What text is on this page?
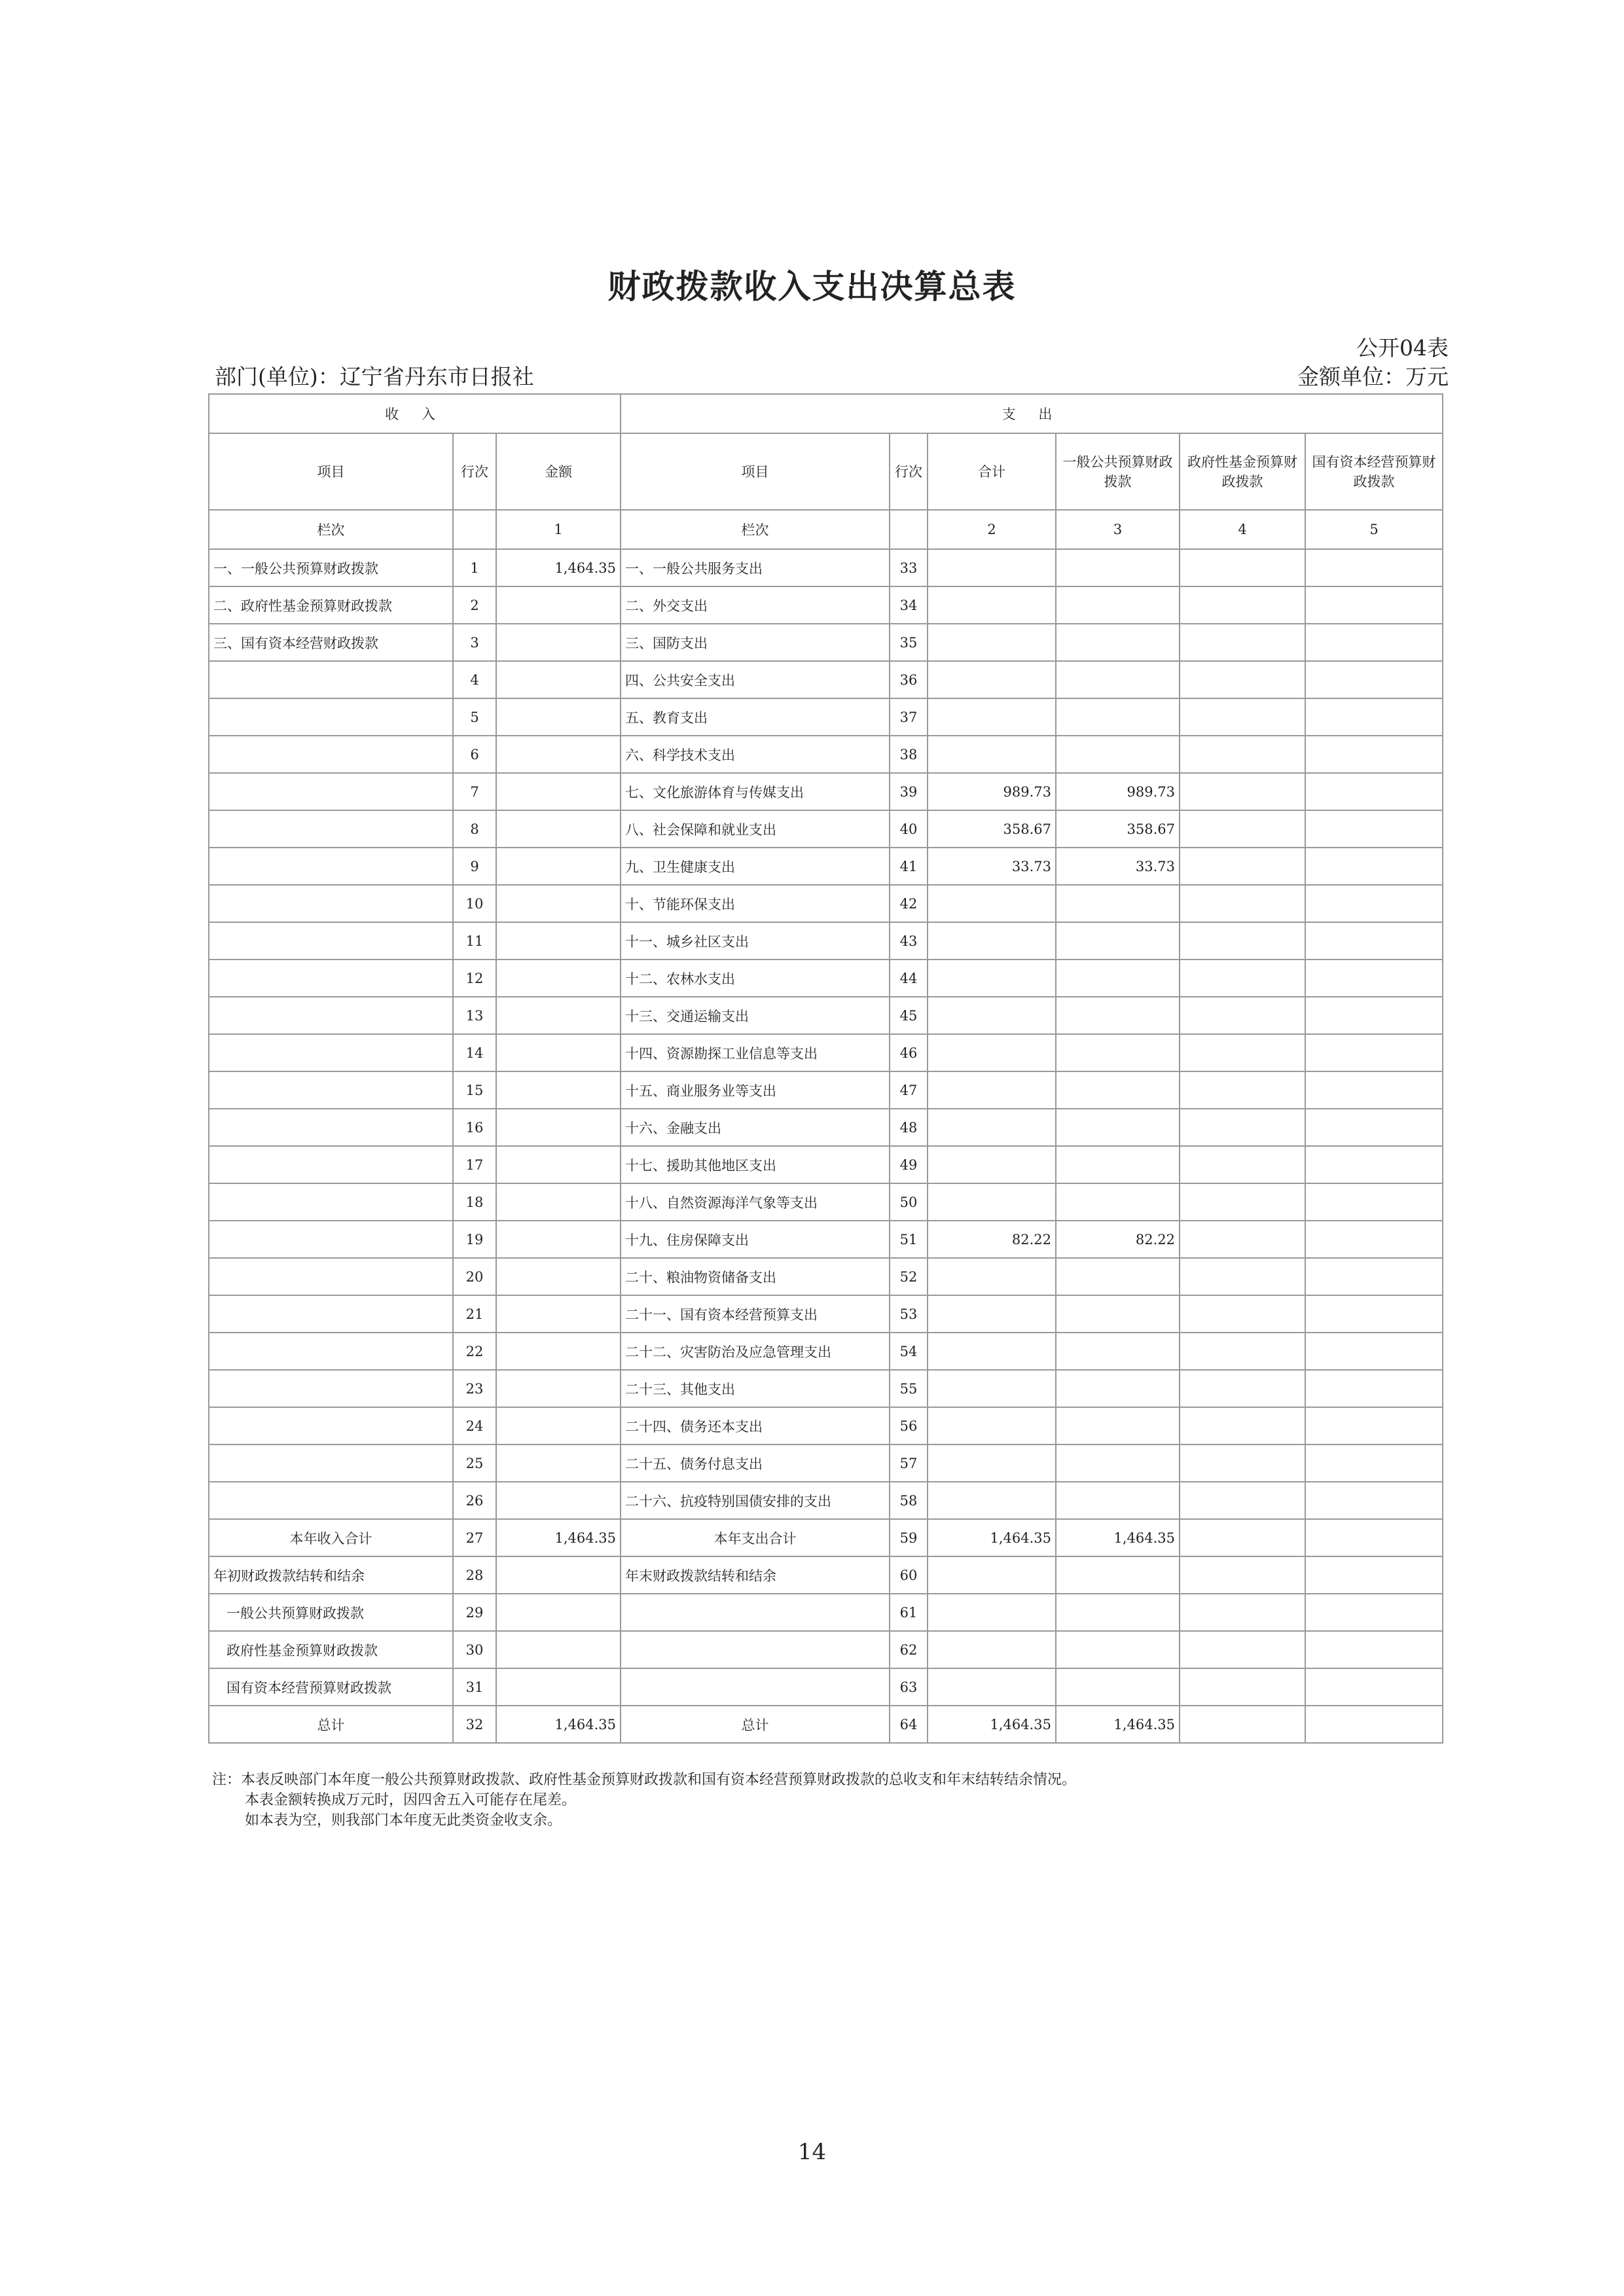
财政拨款收入支出决算总表
公开04表
部门(单位)：辽宁省丹东市日报社	金额单位：万元
收 入			支 出					
项目	行次	金额	项目	行次	合计	一般公共预算财政拨款	政府性基金预算财政拨款	国有资本经营预算财政拨款
栏次		1	栏次		2	3	4	5
一、一般公共预算财政拨款	1	1,464.35	一、一般公共服务支出	33				
二、政府性基金预算财政拨款	2		二、外交支出	34				
三、国有资本经营财政拨款	3		三、国防支出	35				
	4		四、公共安全支出	36				
	5		五、教育支出	37				
	6		六、科学技术支出	38				
	7		七、文化旅游体育与传媒支出	39	989.73	989.73		
	8		八、社会保障和就业支出	40	358.67	358.67		
	9		九、卫生健康支出	41	33.73	33.73		
	10		十、节能环保支出	42				
	11		十一、城乡社区支出	43				
	12		十二、农林水支出	44				
	13		十三、交通运输支出	45				
	14		十四、资源勘探工业信息等支出	46				
	15		十五、商业服务业等支出	47				
	16		十六、金融支出	48				
	17		十七、援助其他地区支出	49				
	18		十八、自然资源海洋气象等支出	50				
	19		十九、住房保障支出	51	82.22	82.22		
	20		二十、粮油物资储备支出	52				
	21		二十一、国有资本经营预算支出	53				
	22		二十二、灾害防治及应急管理支出	54				
	23		二十三、其他支出	55				
	24		二十四、债务还本支出	56				
	25		二十五、债务付息支出	57				
	26		二十六、抗疫特别国债安排的支出	58				
本年收入合计	27	1,464.35	本年支出合计	59	1,464.35	1,464.35		
年初财政拨款结转和结余	28		年末财政拨款结转和结余	60				
一般公共预算财政拨款	29			61				
政府性基金预算财政拨款	30			62				
国有资本经营预算财政拨款	31			63				
总计	32	1,464.35	总计	64	1,464.35	1,464.35		
注：本表反映部门本年度一般公共预算财政拨款、政府性基金预算财政拨款和国有资本经营预算财政拨款的总收支和年末结转结余情况。
本表金额转换成万元时，因四舍五入可能存在尾差。
如本表为空，则我部门本年度无此类资金收支余。
14
